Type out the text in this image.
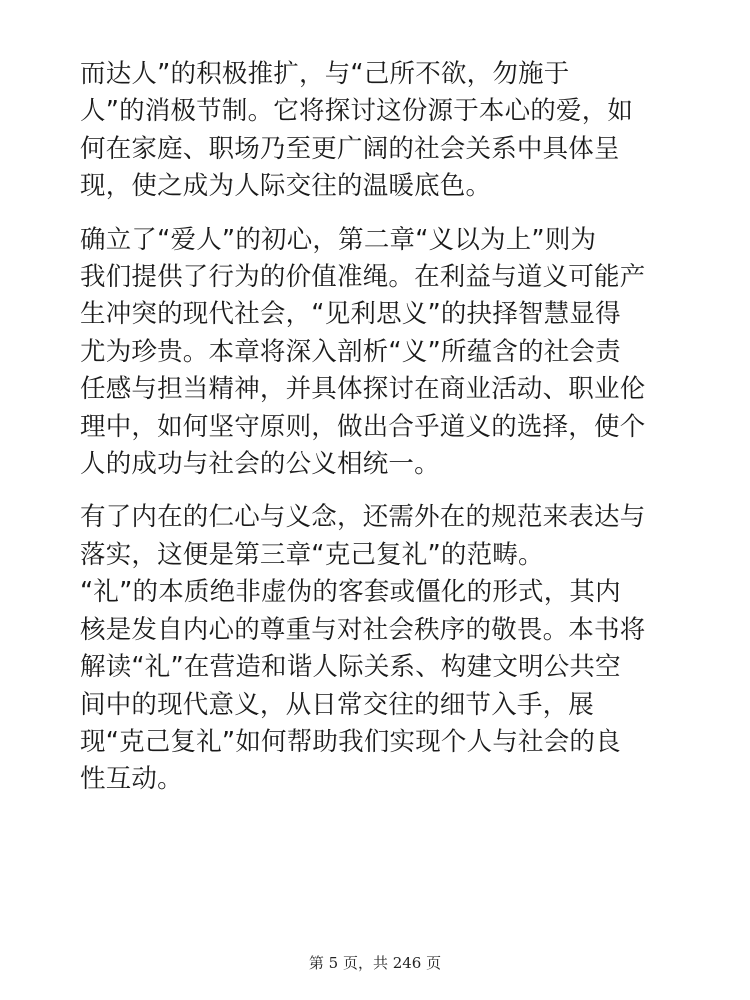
而达人”的积极推扩，与“己所不欲，勿施于
人”的消极节制。它将探讨这份源于本心的爱，如
何在家庭、职场乃至更广阔的社会关系中具体呈
现，使之成为人际交往的温暖底色。
确立了“爱人”的初心，第二章“义以为上”则为
我们提供了行为的价值准绳。在利益与道义可能产
生冲突的现代社会，“见利思义”的抉择智慧显得
尤为珍贵。本章将深入剖析“义”所蕴含的社会责
任感与担当精神，并具体探讨在商业活动、职业伦
理中，如何坚守原则，做出合乎道义的选择，使个
人的成功与社会的公义相统一。
有了内在的仁心与义念，还需外在的规范来表达与
落实，这便是第三章“克己复礼”的范畴。
“礼”的本质绝非虚伪的客套或僵化的形式，其内
核是发自内心的尊重与对社会秩序的敬畏。本书将
解读“礼”在营造和谐人际关系、构建文明公共空
间中的现代意义，从日常交往的细节入手，展
现“克己复礼”如何帮助我们实现个人与社会的良
性互动。
第 5 页，共 246 页
